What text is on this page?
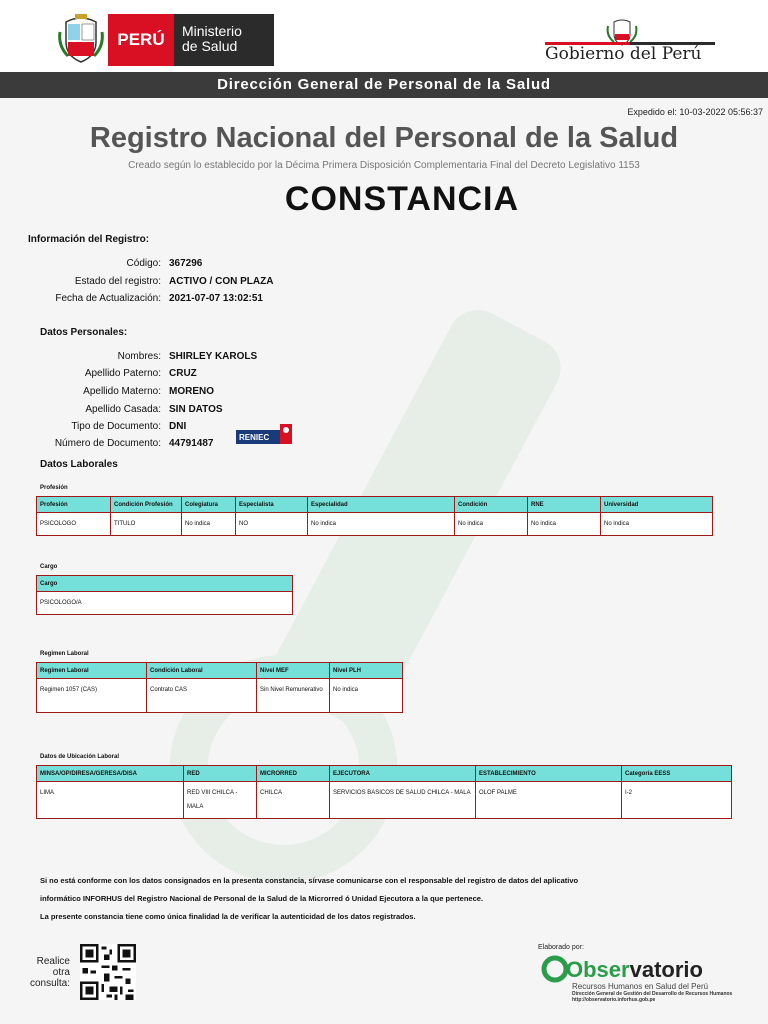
PERÚ	Ministerio
de Salud	Gobierno del Perú
Dirección General de Personal de la Salud
Expedido el: 10-03-2022 05:56:37
Registro Nacional del Personal de la Salud
Creado según lo establecido por la Décima Primera Disposición Complementaria Final del Decreto Legislativo 1153
CONSTANCIA
Información del Registro:
Código: 367296
Estado del registro: ACTIVO / CON PLAZA
Fecha de Actualización: 2021-07-07 13:02:51
Datos Personales:
Nombres: SHIRLEY KAROLS
Apellido Paterno: CRUZ
Apellido Materno: MORENO
Apellido Casada: SIN DATOS
Tipo de Documento: DNI
Número de Documento: 44791487
RENIEC
Datos Laborales
Profesión
Profesión	Condición Profesión	Colegiatura	Especialista	Especialidad	Condición	RNE	Universidad
PSICOLOGO	TITULO	No indica	NO	No indica	No indica	No indica	No indica
Cargo
Cargo
PSICOLOGO/A
Regimen Laboral
Regimen Laboral	Condición Laboral	Nivel MEF	Nivel PLH
Regimen 1057 (CAS)	Contrato CAS	Sin Nivel Remunerativo	No indica
Datos de Ubicación Laboral
MINSA/OP/DIRESA/GERESA/DISA	RED	MICRORRED	EJECUTORA	ESTABLECIMIENTO	Categoría EESS
LIMA	RED VIII CHILCA - MALA	CHILCA	SERVICIOS BASICOS DE SALUD CHILCA - MALA	OLOF PALME	I-2
Si no está conforme con los datos consignados en la presenta constancia, sírvase comunicarse con el responsable del registro de datos del aplicativo
informático INFORHUS del Registro Nacional de Personal de la Salud de la Microrred ó Unidad Ejecutora a la que pertenece.
La presente constancia tiene como única finalidad la de verificar la autenticidad de los datos registrados.
Realice
otra
consulta:
Elaborado por:
Observatorio
Recursos Humanos en Salud del Perú
Dirección General de Gestión del Desarrollo de Recursos Humanos
http://observatorio.inforhus.gob.pe
